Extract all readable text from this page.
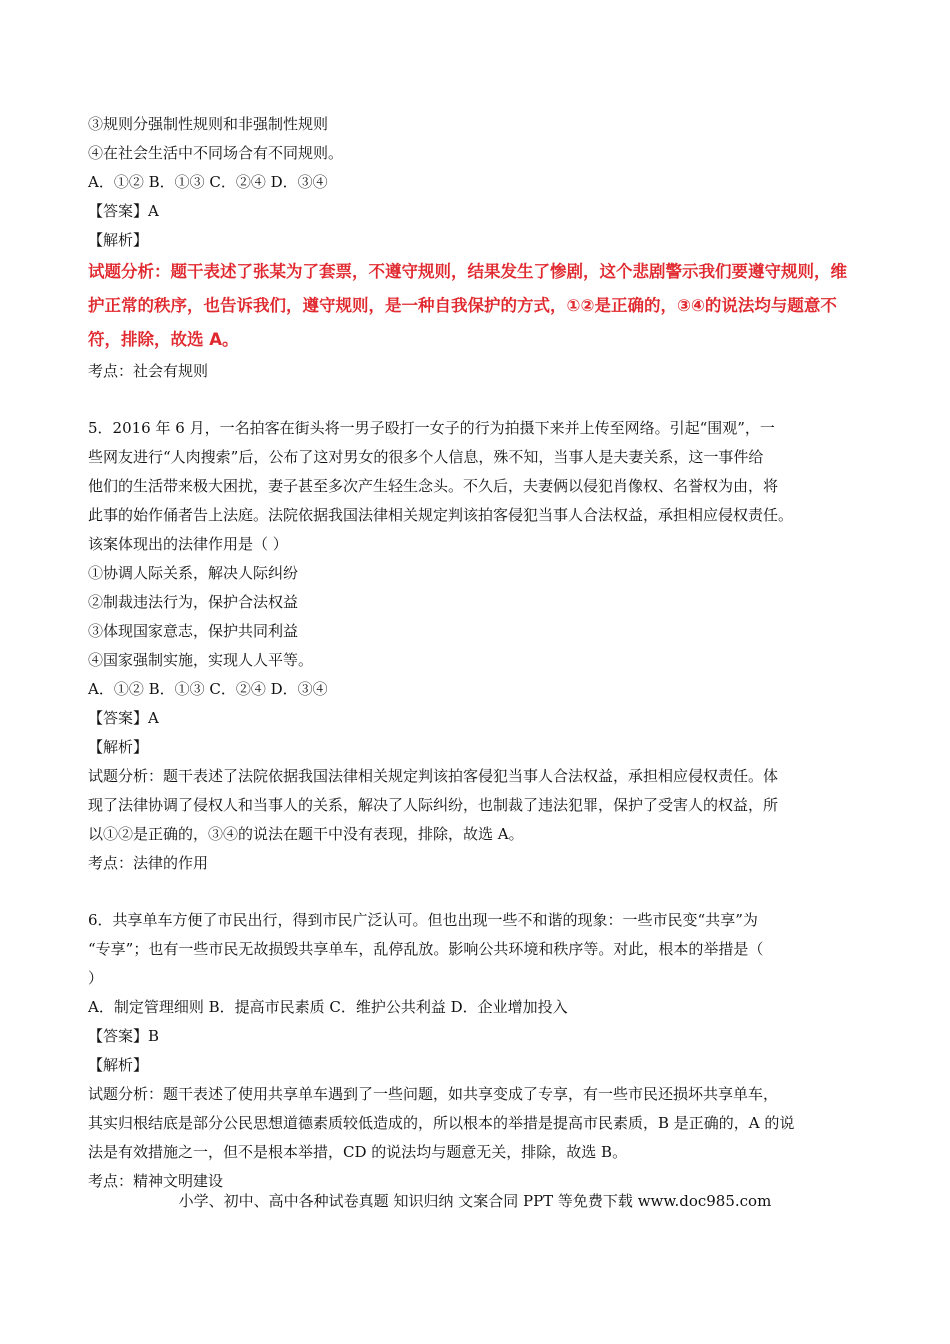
③规则分强制性规则和非强制性规则
④在社会生活中不同场合有不同规则。
A．①② B．①③ C．②④ D．③④
【答案】A
【解析】
试题分析：题干表述了张某为了套票，不遵守规则，结果发生了惨剧，这个悲剧警示我们要遵守规则，维
护正常的秩序，也告诉我们，遵守规则，是一种自我保护的方式，①②是正确的，③④的说法均与题意不
符，排除，故选 A。
考点：社会有规则
5．2016 年 6 月，一名拍客在街头将一男子殴打一女子的行为拍摄下来并上传至网络。引起“围观”，一
些网友进行“人肉搜索”后，公布了这对男女的很多个人信息，殊不知，当事人是夫妻关系，这一事件给
他们的生活带来极大困扰，妻子甚至多次产生轻生念头。不久后，夫妻俩以侵犯肖像权、名誉权为由，将
此事的始作俑者告上法庭。法院依据我国法律相关规定判该拍客侵犯当事人合法权益，承担相应侵权责任。
该案体现出的法律作用是（ ）
①协调人际关系，解决人际纠纷
②制裁违法行为，保护合法权益
③体现国家意志，保护共同利益
④国家强制实施，实现人人平等。
A．①② B．①③ C．②④ D．③④
【答案】A
【解析】
试题分析：题干表述了法院依据我国法律相关规定判该拍客侵犯当事人合法权益，承担相应侵权责任。体
现了法律协调了侵权人和当事人的关系，解决了人际纠纷，也制裁了违法犯罪，保护了受害人的权益，所
以①②是正确的，③④的说法在题干中没有表现，排除，故选 A。
考点：法律的作用
6．共享单车方便了市民出行，得到市民广泛认可。但也出现一些不和谐的现象：一些市民变“共享”为
“专享”；也有一些市民无故损毁共享单车，乱停乱放。影响公共环境和秩序等。对此，根本的举措是（
）
A．制定管理细则 B．提高市民素质 C．维护公共利益 D．企业增加投入
【答案】B
【解析】
试题分析：题干表述了使用共享单车遇到了一些问题，如共享变成了专享，有一些市民还损坏共享单车，
其实归根结底是部分公民思想道德素质较低造成的，所以根本的举措是提高市民素质，B 是正确的，A 的说
法是有效措施之一，但不是根本举措，CD 的说法均与题意无关，排除，故选 B。
考点：精神文明建设
小学、初中、高中各种试卷真题 知识归纳 文案合同 PPT 等免费下载 www.doc985.com
